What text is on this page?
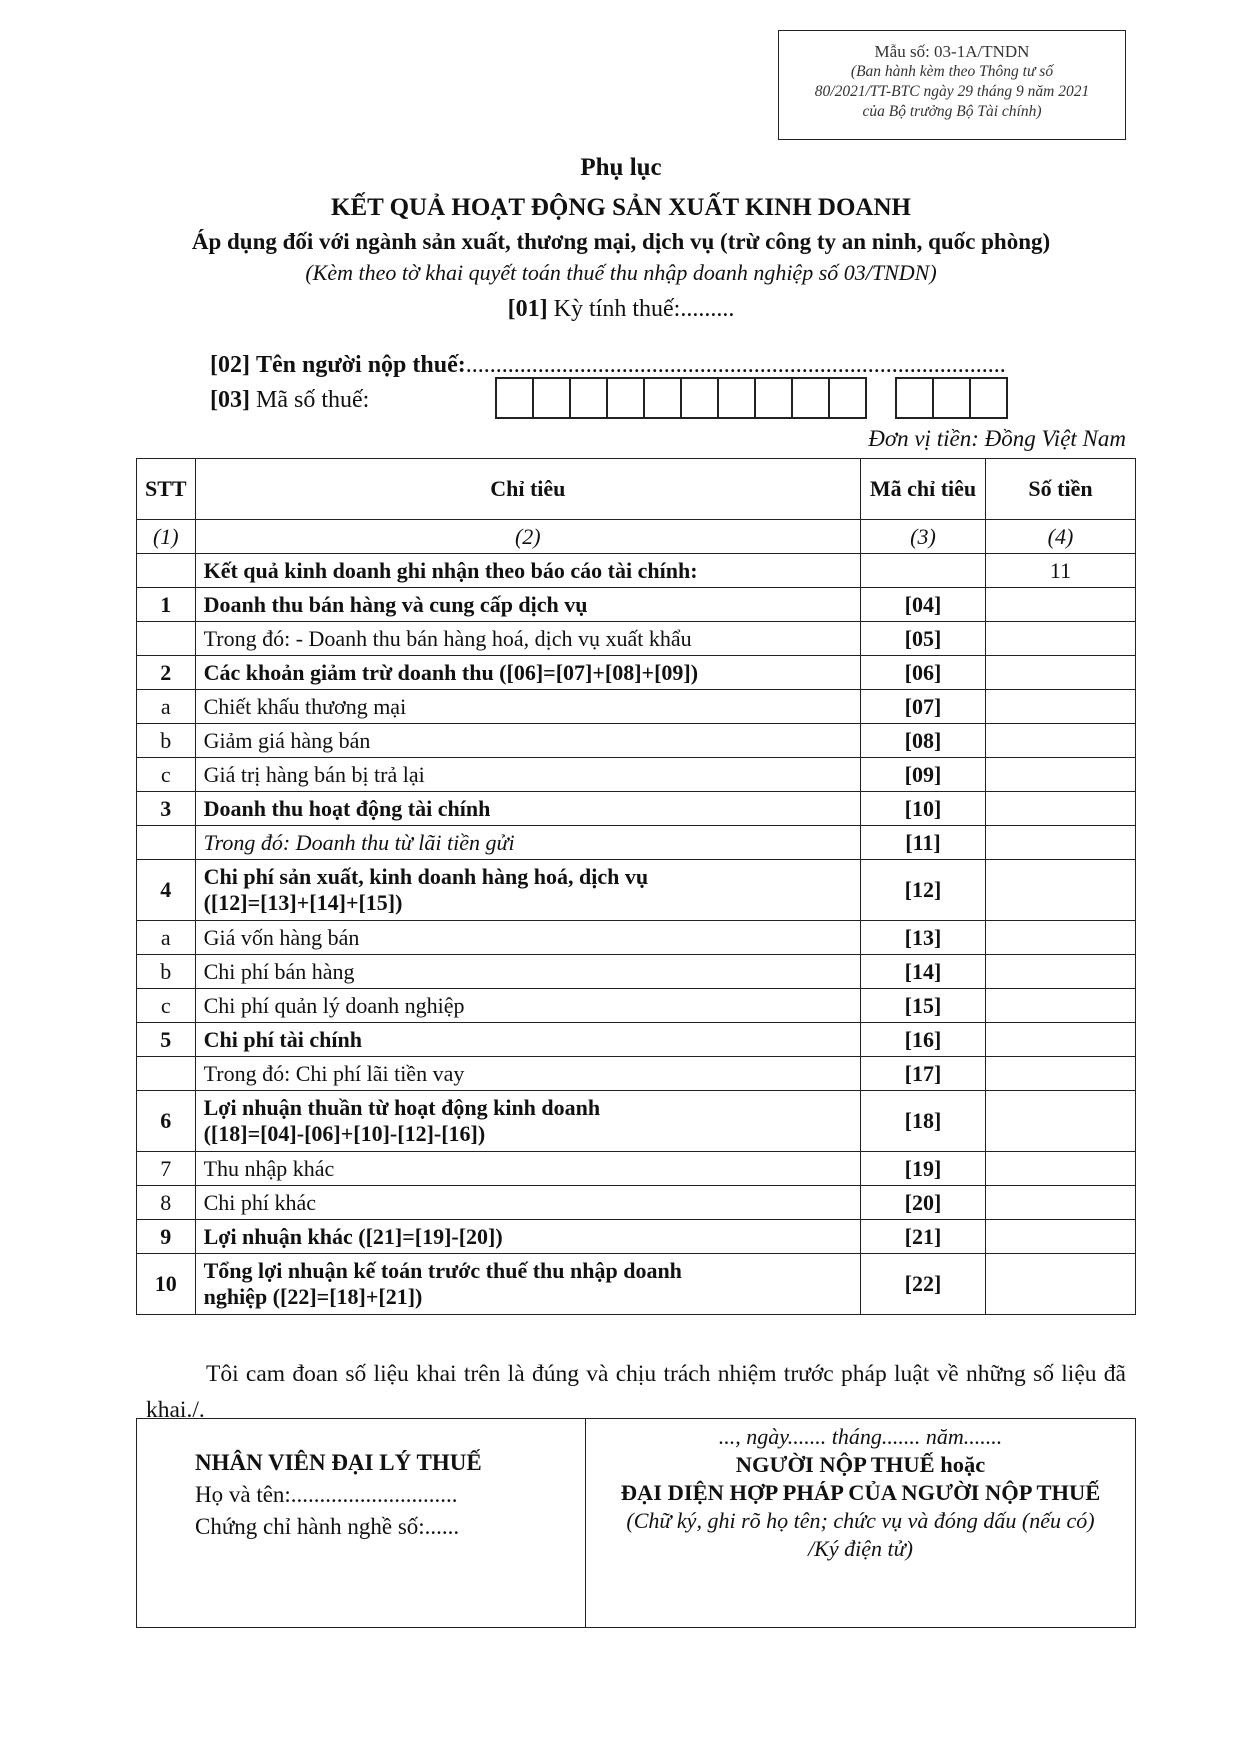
Mẫu số: 03-1A/TNDN
(Ban hành kèm theo Thông tư số
80/2021/TT-BTC ngày 29 tháng 9 năm 2021
của Bộ trưởng Bộ Tài chính)
Phụ lục
KẾT QUẢ HOẠT ĐỘNG SẢN XUẤT KINH DOANH
Áp dụng đối với ngành sản xuất, thương mại, dịch vụ (trừ công ty an ninh, quốc phòng)
(Kèm theo tờ khai quyết toán thuế thu nhập doanh nghiệp số 03/TNDN)
[01] Kỳ tính thuế:.........
[02] Tên người nộp thuế:..........................................................................................
[03] Mã số thuế:
Đơn vị tiền: Đồng Việt Nam
STT	Chỉ tiêu	Mã chỉ tiêu	Số tiền
(1)	(2)	(3)	(4)
	Kết quả kinh doanh ghi nhận theo báo cáo tài chính:		11
1	Doanh thu bán hàng và cung cấp dịch vụ	[04]	
	Trong đó: - Doanh thu bán hàng hoá, dịch vụ xuất khẩu	[05]	
2	Các khoản giảm trừ doanh thu ([06]=[07]+[08]+[09])	[06]	
a	Chiết khấu thương mại	[07]	
b	Giảm giá hàng bán	[08]	
c	Giá trị hàng bán bị trả lại	[09]	
3	Doanh thu hoạt động tài chính	[10]	
	Trong đó: Doanh thu từ lãi tiền gửi	[11]	
4	Chi phí sản xuất, kinh doanh hàng hoá, dịch vụ
([12]=[13]+[14]+[15])	[12]	
a	Giá vốn hàng bán	[13]	
b	Chi phí bán hàng	[14]	
c	Chi phí quản lý doanh nghiệp	[15]	
5	Chi phí tài chính	[16]	
	Trong đó: Chi phí lãi tiền vay	[17]	
6	Lợi nhuận thuần từ hoạt động kinh doanh
([18]=[04]-[06]+[10]-[12]-[16])	[18]	
7	Thu nhập khác	[19]	
8	Chi phí khác	[20]	
9	Lợi nhuận khác ([21]=[19]-[20])	[21]	
10	Tổng lợi nhuận kế toán trước thuế thu nhập doanh
nghiệp ([22]=[18]+[21])	[22]	
Tôi cam đoan số liệu khai trên là đúng và chịu trách nhiệm trước pháp luật về những số liệu đã khai./.
NHÂN VIÊN ĐẠI LÝ THUẾ
Họ và tên:.............................
Chứng chỉ hành nghề số:......

..., ngày....... tháng....... năm.......
NGƯỜI NỘP THUẾ hoặc
ĐẠI DIỆN HỢP PHÁP CỦA NGƯỜI NỘP THUẾ
(Chữ ký, ghi rõ họ tên; chức vụ và đóng dấu (nếu có)
/Ký điện tử)
